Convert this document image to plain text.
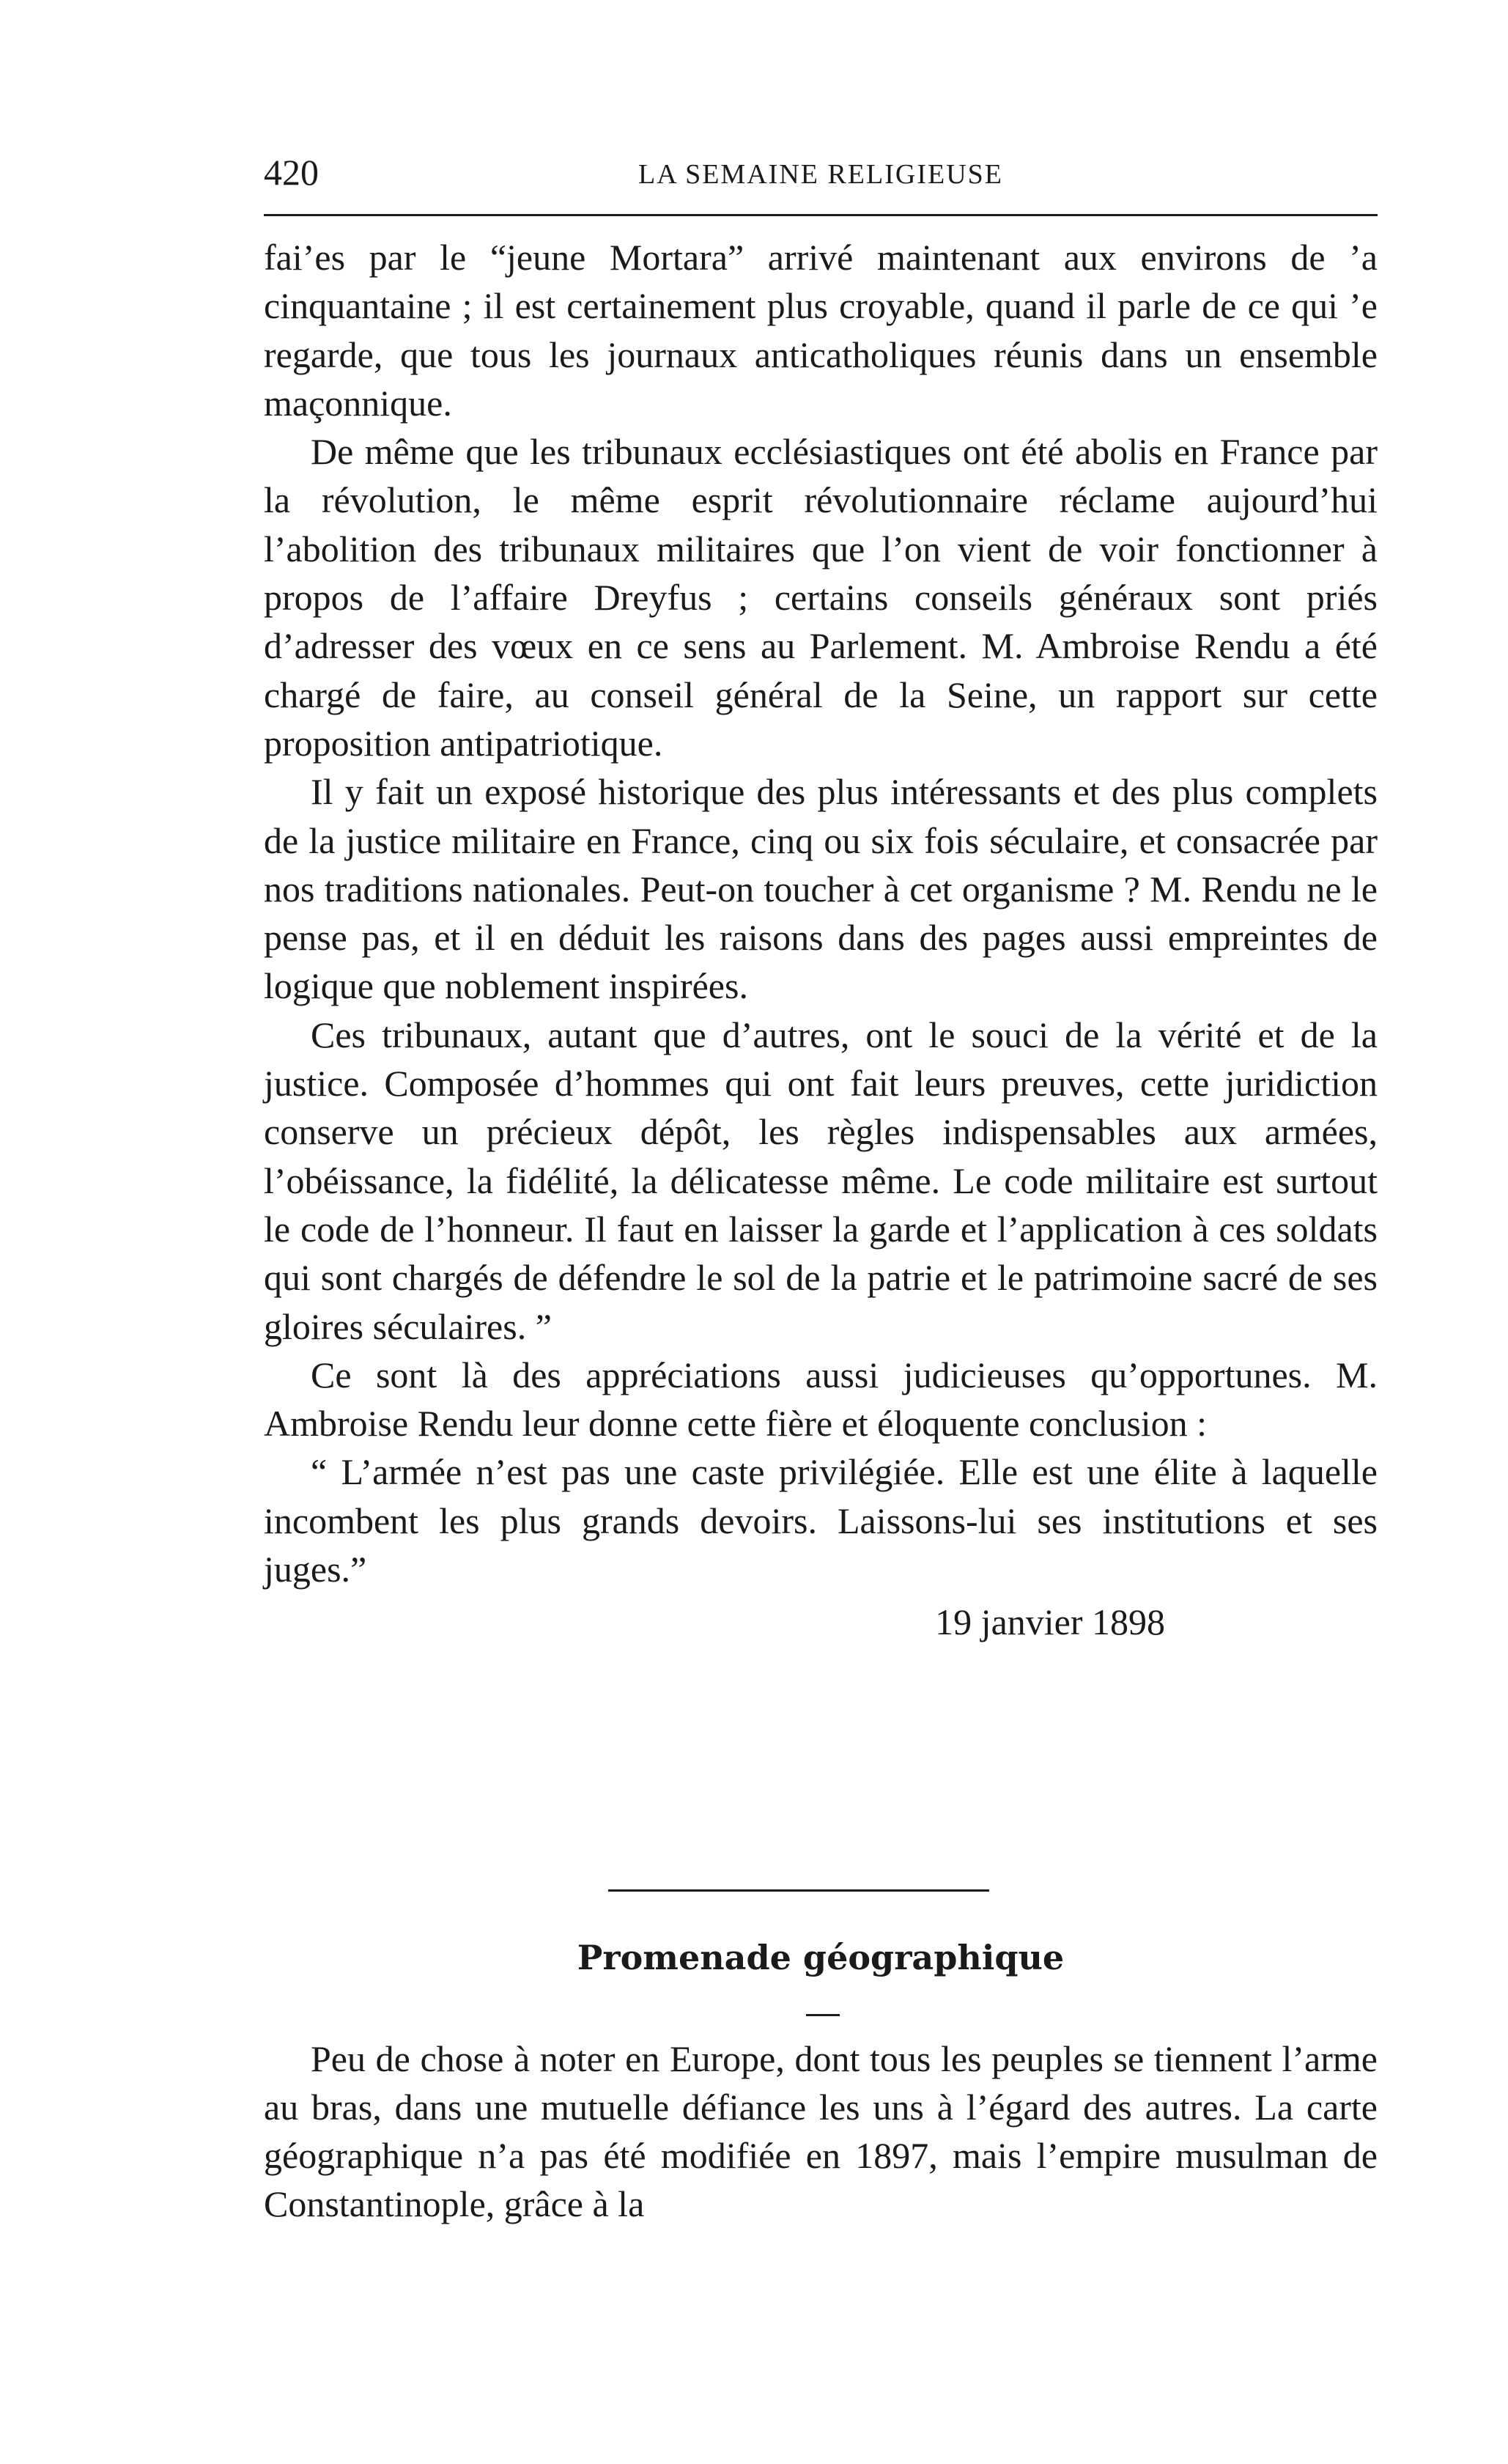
420	LA SEMAINE RELIGIEUSE

fai’es par le “jeune Mortara” arrivé maintenant aux environs de ’a cinquantaine ; il est certainement plus croyable, quand il parle de ce qui ’e regarde, que tous les journaux anticatholiques réunis dans un ensemble maçonnique.

De même que les tribunaux ecclésiastiques ont été abolis en France par la révolution, le même esprit révolutionnaire réclame aujourd’hui l’abolition des tribunaux militaires que l’on vient de voir fonctionner à propos de l’affaire Dreyfus ; certains conseils généraux sont priés d’adresser des vœux en ce sens au Parlement. M. Ambroise Rendu a été chargé de faire, au conseil général de la Seine, un rapport sur cette proposition antipatriotique.

Il y fait un exposé historique des plus intéressants et des plus complets de la justice militaire en France, cinq ou six fois séculaire, et consacrée par nos traditions nationales. Peut-on toucher à cet organisme ? M. Rendu ne le pense pas, et il en déduit les raisons dans des pages aussi empreintes de logique que noblement inspirées.

Ces tribunaux, autant que d’autres, ont le souci de la vérité et de la justice. Composée d’hommes qui ont fait leurs preuves, cette juridiction conserve un précieux dépôt, les règles indispensables aux armées, l’obéissance, la fidélité, la délicatesse même. Le code militaire est surtout le code de l’honneur. Il faut en laisser la garde et l’application à ces soldats qui sont chargés de défendre le sol de la patrie et le patrimoine sacré de ses gloires séculaires. ”

Ce sont là des appréciations aussi judicieuses qu’opportunes. M. Ambroise Rendu leur donne cette fière et éloquente conclusion :

“ L’armée n’est pas une caste privilégiée. Elle est une élite à laquelle incombent les plus grands devoirs. Laissons-lui ses institutions et ses juges.”

19 janvier 1898

Promenade géographique

Peu de chose à noter en Europe, dont tous les peuples se tiennent l’arme au bras, dans une mutuelle défiance les uns à l’égard des autres. La carte géographique n’a pas été modifiée en 1897, mais l’empire musulman de Constantinople, grâce à la
